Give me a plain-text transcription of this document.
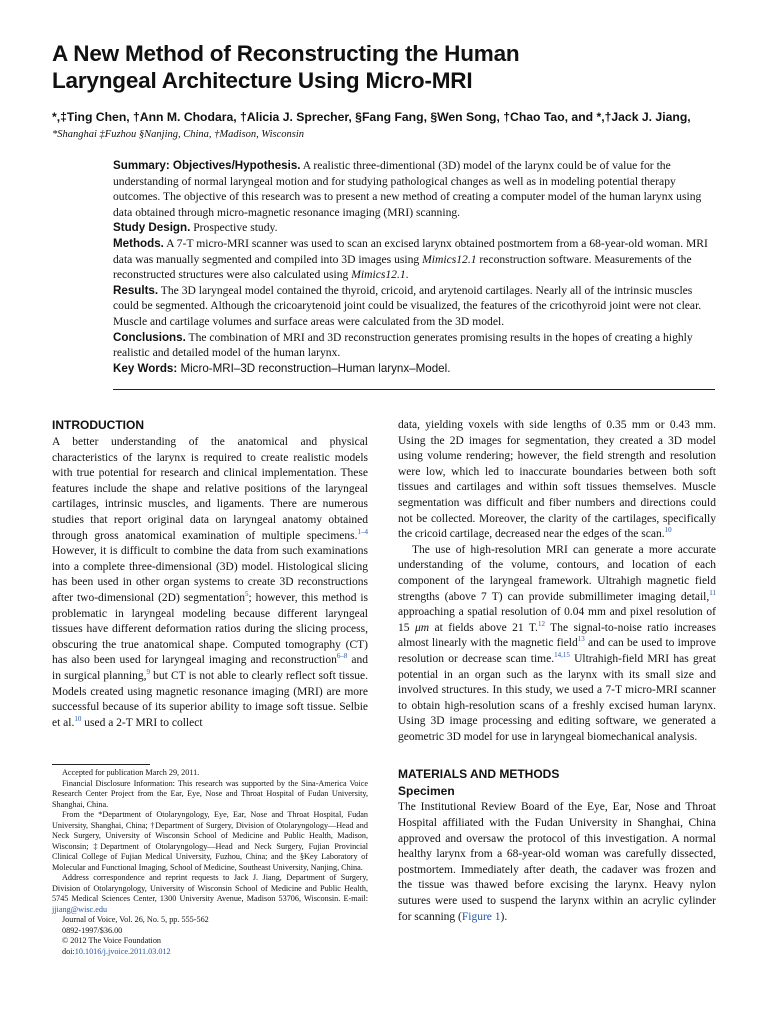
A New Method of Reconstructing the Human
Laryngeal Architecture Using Micro-MRI
*,‡Ting Chen, †Ann M. Chodara, †Alicia J. Sprecher, §Fang Fang, §Wen Song, †Chao Tao, and *,†Jack J. Jiang,
*Shanghai ‡Fuzhou §Nanjing, China, †Madison, Wisconsin

Summary: Objectives/Hypothesis. A realistic three-dimentional (3D) model of the larynx could be of value for the understanding of normal laryngeal motion and for studying pathological changes as well as in modeling potential therapy outcomes. The objective of this research was to present a new method of creating a computer model of the human larynx using data obtained through micro-magnetic resonance imaging (MRI) scanning.

Study Design. Prospective study.

Methods. A 7-T micro-MRI scanner was used to scan an excised larynx obtained postmortem from a 68-year-old woman. MRI data was manually segmented and compiled into 3D images using Mimics12.1 reconstruction software. Measurements of the reconstructed structures were also calculated using Mimics12.1.

Results. The 3D laryngeal model contained the thyroid, cricoid, and arytenoid cartilages. Nearly all of the intrinsic muscles could be segmented. Although the cricoarytenoid joint could be visualized, the features of the cricothyroid joint were not clear. Muscle and cartilage volumes and surface areas were calculated from the 3D model.

Conclusions. The combination of MRI and 3D reconstruction generates promising results in the hopes of creating a highly realistic and detailed model of the human larynx.

Key Words: Micro-MRI–3D reconstruction–Human larynx–Model.

INTRODUCTION

A better understanding of the anatomical and physical characteristics of the larynx is required to create realistic models with true potential for research and clinical implementation. These features include the shape and relative positions of the laryngeal cartilages, intrinsic muscles, and ligaments. There are numerous studies that report original data on laryngeal anatomy obtained through gross anatomical examination of multiple specimens.$^{1-4}$ However, it is difficult to combine the data from such examinations into a complete three-dimensional (3D) model. Histological slicing has been used in other organ systems to create 3D reconstructions after two-dimensional (2D) segmentation$^5$; however, this method is problematic in laryngeal modeling because different laryngeal tissues have different deformation ratios during the slicing process, obscuring the true anatomical shape. Computed tomography (CT) has also been used for laryngeal imaging and reconstruction$^{6-8}$ and in surgical planning,$^9$ but CT is not able to clearly reflect soft tissue. Models created using magnetic resonance imaging (MRI) are more successful because of its superior ability to image soft tissue. Selbie et al.$^{10}$ used a 2-T MRI to collect

Accepted for publication March 29, 2011.

Financial Disclosure Information: This research was supported by the Sina-America Voice Research Center Project from the Ear, Eye, Nose and Throat Hospital of Fudan University, Shanghai, China.

From the *Department of Otolaryngology, Eye, Ear, Nose and Throat Hospital, Fudan University, Shanghai, China; †Department of Surgery, Division of Otolaryngology—Head and Neck Surgery, University of Wisconsin School of Medicine and Public Health, Madison, Wisconsin; ‡Department of Otolaryngology—Head and Neck Surgery, Fujian Provincial Clinical College of Fujian Medical University, Fuzhou, China; and the §Key Laboratory of Molecular and Functional Imaging, School of Medicine, Southeast University, Nanjing, China.

Address correspondence and reprint requests to Jack J. Jiang, Department of Surgery, Division of Otolaryngology, University of Wisconsin School of Medicine and Public Health, 5745 Medical Sciences Center, 1300 University Avenue, Madison 53706, Wisconsin. E-mail: jjiang@wisc.edu

Journal of Voice, Vol. 26, No. 5, pp. 555-562

0892-1997/$36.00

© 2012 The Voice Foundation

doi:10.1016/j.jvoice.2011.03.012

data, yielding voxels with side lengths of 0.35 mm or 0.43 mm. Using the 2D images for segmentation, they created a 3D model using volume rendering; however, the field strength and resolution were low, which led to inaccurate boundaries between both soft tissues and cartilages and within soft tissues themselves. Muscle segmentation was difficult and fiber numbers and directions could not be collected. Moreover, the clarity of the cartilages, specifically the cricoid cartilage, decreased near the edges of the scan.$^{10}$

The use of high-resolution MRI can generate a more accurate understanding of the volume, contours, and location of each component of the laryngeal framework. Ultrahigh magnetic field strengths (above 7 T) can provide submillimeter imaging detail,$^{11}$ approaching a spatial resolution of 0.04 mm and pixel resolution of 15 μm at fields above 21 T.$^{12}$ The signal-to-noise ratio increases almost linearly with the magnetic field$^{13}$ and can be used to improve resolution or decrease scan time.$^{14,15}$ Ultrahigh-field MRI has great potential in an organ such as the larynx with its small size and involved structures. In this study, we used a 7-T micro-MRI scanner to obtain high-resolution scans of a freshly excised human larynx. Using 3D image processing and editing software, we generated a geometric 3D model for use in laryngeal biomechanical analysis.

MATERIALS AND METHODS
Specimen

The Institutional Review Board of the Eye, Ear, Nose and Throat Hospital affiliated with the Fudan University in Shanghai, China approved and oversaw the protocol of this investigation. A normal healthy larynx from a 68-year-old woman was carefully dissected, postmortem. Immediately after death, the cadaver was frozen and the tissue was thawed before excising the larynx. Heavy nylon sutures were used to suspend the larynx within an acrylic cylinder for scanning (Figure 1).
